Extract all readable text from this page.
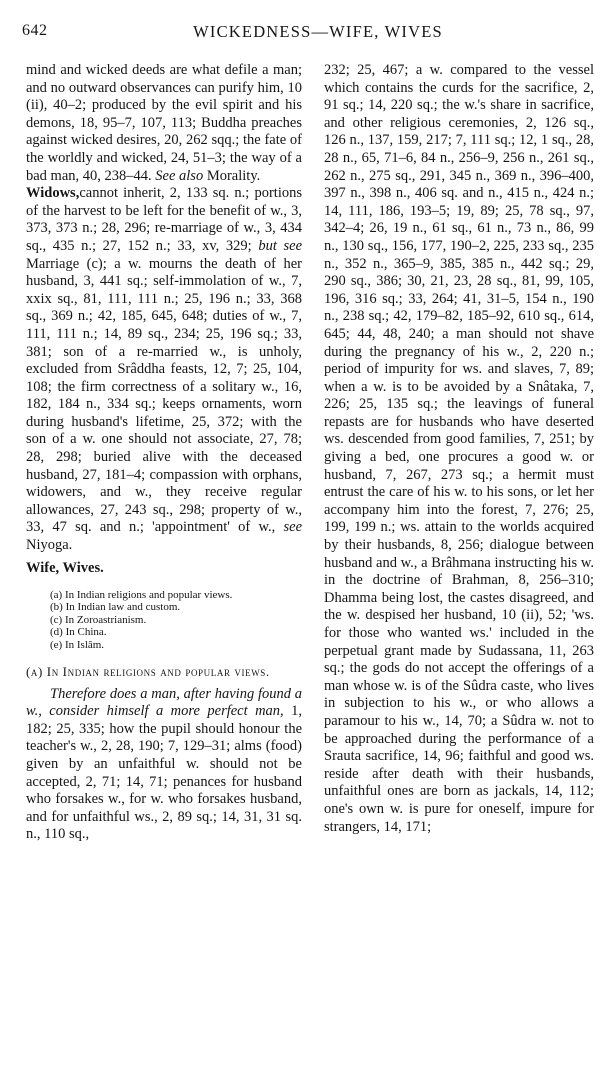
642	WICKEDNESS—WIFE, WIVES

mind and wicked deeds are what defile a man; and no outward observances can purify him, 10 (ii), 40–2; produced by the evil spirit and his demons, 18, 95–7, 107, 113; Buddha preaches against wicked desires, 20, 262 sqq.; the fate of the worldly and wicked, 24, 51–3; the way of a bad man, 40, 238–44. See also Morality.

Widows,cannot inherit, 2, 133 sq. n.; portions of the harvest to be left for the benefit of w., 3, 373, 373 n.; 28, 296; re-marriage of w., 3, 434 sq., 435 n.; 27, 152 n.; 33, xv, 329; but see Marriage (c); a w. mourns the death of her husband, 3, 441 sq.; self-immolation of w., 7, xxix sq., 81, 111, 111 n.; 25, 196 n.; 33, 368 sq., 369 n.; 42, 185, 645, 648; duties of w., 7, 111, 111 n.; 14, 89 sq., 234; 25, 196 sq.; 33, 381; son of a re-married w., is unholy, excluded from Srâddha feasts, 12, 7; 25, 104, 108; the firm correctness of a solitary w., 16, 182, 184 n., 334 sq.; keeps ornaments, worn during husband's lifetime, 25, 372; with the son of a w. one should not associate, 27, 78; 28, 298; buried alive with the deceased husband, 27, 181–4; compassion with orphans, widowers, and w., they receive regular allowances, 27, 243 sq., 298; property of w., 33, 47 sq. and n.; 'appointment' of w., see Niyoga.

Wife, Wives.

(a) In Indian religions and popular views.
(b) In Indian law and custom.
(c) In Zoroastrianism.
(d) In China.
(e) In Islâm.

(a) In Indian religions and popular views.

Therefore does a man, after having found a w., consider himself a more perfect man, 1, 182; 25, 335; how the pupil should honour the teacher's w., 2, 28, 190; 7, 129–31; alms (food) given by an unfaithful w. should not be accepted, 2, 71; 14, 71; penances for husband who forsakes w., for w. who forsakes husband, and for unfaithful ws., 2, 89 sq.; 14, 31, 31 sq. n., 110 sq.,

232; 25, 467; a w. compared to the vessel which contains the curds for the sacrifice, 2, 91 sq.; 14, 220 sq.; the w.'s share in sacrifice, and other religious ceremonies, 2, 126 sq., 126 n., 137, 159, 217; 7, 111 sq.; 12, 1 sq., 28, 28 n., 65, 71–6, 84 n., 256–9, 256 n., 261 sq., 262 n., 275 sq., 291, 345 n., 369 n., 396–400, 397 n., 398 n., 406 sq. and n., 415 n., 424 n.; 14, 111, 186, 193–5; 19, 89; 25, 78 sq., 97, 342–4; 26, 19 n., 61 sq., 61 n., 73 n., 86, 99 n., 130 sq., 156, 177, 190–2, 225, 233 sq., 235 n., 352 n., 365–9, 385, 385 n., 442 sq.; 29, 290 sq., 386; 30, 21, 23, 28 sq., 81, 99, 105, 196, 316 sq.; 33, 264; 41, 31–5, 154 n., 190 n., 238 sq.; 42, 179–82, 185–92, 610 sq., 614, 645; 44, 48, 240; a man should not shave during the pregnancy of his w., 2, 220 n.; period of impurity for ws. and slaves, 7, 89; when a w. is to be avoided by a Snâtaka, 7, 226; 25, 135 sq.; the leavings of funeral repasts are for husbands who have deserted ws. descended from good families, 7, 251; by giving a bed, one procures a good w. or husband, 7, 267, 273 sq.; a hermit must entrust the care of his w. to his sons, or let her accompany him into the forest, 7, 276; 25, 199, 199 n.; ws. attain to the worlds acquired by their husbands, 8, 256; dialogue between husband and w., a Brâhmana instructing his w. in the doctrine of Brahman, 8, 256–310; Dhamma being lost, the castes disagreed, and the w. despised her husband, 10 (ii), 52; 'ws. for those who wanted ws.' included in the perpetual grant made by Sudassana, 11, 263 sq.; the gods do not accept the offerings of a man whose w. is of the Sûdra caste, who lives in subjection to his w., or who allows a paramour to his w., 14, 70; a Sûdra w. not to be approached during the performance of a Srauta sacrifice, 14, 96; faithful and good ws. reside after death with their husbands, unfaithful ones are born as jackals, 14, 112; one's own w. is pure for oneself, impure for strangers, 14, 171;
